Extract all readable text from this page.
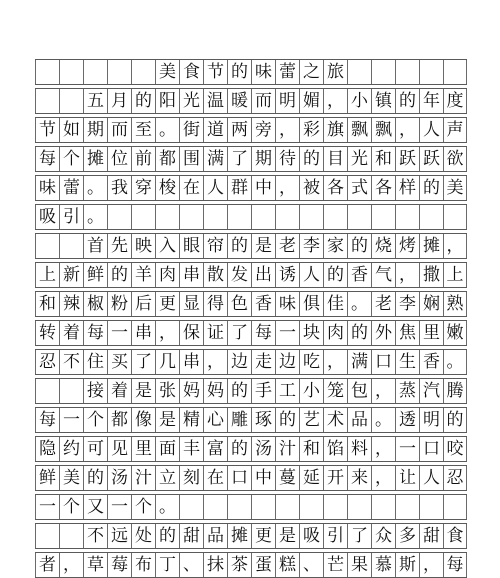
美 食 节 的 味 蕾 之 旅
五 月 的 阳 光 温 暖 而 明 媚 ， 小 镇 的 年 度
节 如 期 而 至 。 街 道 两 旁 ， 彩 旗 飘 飘 ， 人 声
每 个 摊 位 前 都 围 满 了 期 待 的 目 光 和 跃 跃 欲
味 蕾 。 我 穿 梭 在 人 群 中 ， 被 各 式 各 样 的 美
吸 引 。
首 先 映 入 眼 帘 的 是 老 李 家 的 烧 烤 摊 ，
上 新 鲜 的 羊 肉 串 散 发 出 诱 人 的 香 气 ， 撒 上
和 辣 椒 粉 后 更 显 得 色 香 味 俱 佳 。 老 李 娴 熟
转 着 每 一 串 ， 保 证 了 每 一 块 肉 的 外 焦 里 嫩
忍 不 住 买 了 几 串 ， 边 走 边 吃 ， 满 口 生 香 。
接 着 是 张 妈 妈 的 手 工 小 笼 包 ， 蒸 汽 腾
每 一 个 都 像 是 精 心 雕 琢 的 艺 术 品 。 透 明 的
隐 约 可 见 里 面 丰 富 的 汤 汁 和 馅 料 ， 一 口 咬
鲜 美 的 汤 汁 立 刻 在 口 中 蔓 延 开 来 ， 让 人 忍
一 个 又 一 个 。
不 远 处 的 甜 品 摊 更 是 吸 引 了 众 多 甜 食
者 ， 草 莓 布 丁 、 抹 茶 蛋 糕 、 芒 果 慕 斯 ， 每
